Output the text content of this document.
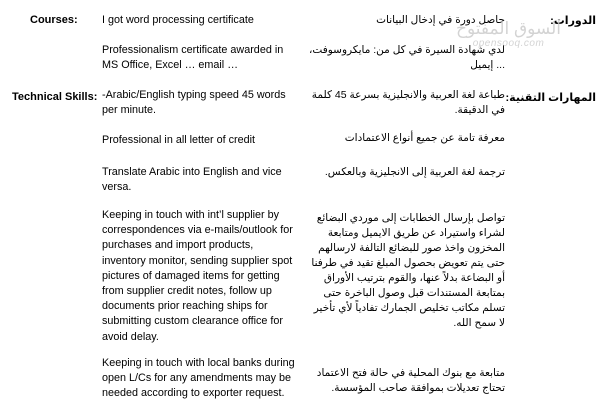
Courses:
Technical Skills:
I got word processing certificate
Professionalism certificate awarded in MS Office, Excel … email …
-Arabic/English typing speed 45 words per minute.
Professional in all letter of credit
Translate Arabic into English and vice versa.
Keeping in touch with int’l supplier by correspondences via e-mails/outlook for purchases and import products, inventory monitor, sending supplier spot pictures of damaged items for getting from supplier credit notes, follow up documents prior reaching ships for submitting custom clearance office for avoid delay.
Keeping in touch with local banks during open L/Cs for any amendments may be needed according to exporter request.
الدورات:
المهارات التقنية:
حاصل دورة في إدخال البيانات
لدي شهادة السيرة في كل من: مايكروسوفت، ... إيميل
طباعة لغة العربية والانجليزية بسرعة 45 كلمة في الدقيقة.
معرفة تامة عن جميع أنواع الاعتمادات
ترجمة لغة العربية إلى الانجليزية وبالعكس.
تواصل بإرسال الخطابات إلى موردي البضائع لشراء واستيراد عن طريق الايميل ومتابعة المخزون واخذ صور للبضائع التالفة لارسالهم حتى يتم تعويض بحصول المبلغ تقيد في طرفنا أو البضاعة بدلاً عنها، والقوم بترتيب الأوراق بمتابعة المستندات قبل وصول الباخرة حتى تسلم مكاتب تخليص الجمارك تفادياً لأي تأخير لا سمح الله.
متابعة مع بنوك المحلية في حالة فتح الاعتماد تحتاج تعديلات بموافقة صاحب المؤسسة.
السوق المفتوح
opensooq.com
